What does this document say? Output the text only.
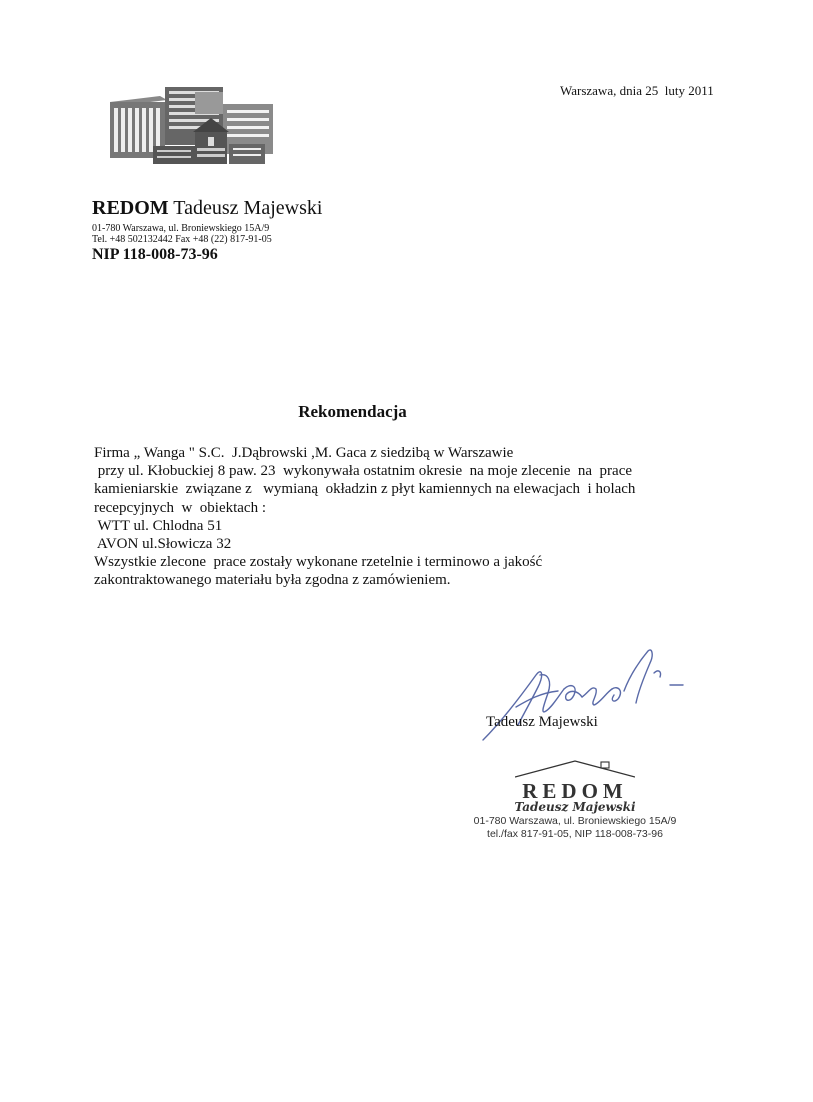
Warszawa, dnia 25  luty 2011
REDOM Tadeusz Majewski
01-780 Warszawa, ul. Broniewskiego 15A/9
Tel. +48 502132442 Fax +48 (22) 817-91-05
NIP 118-008-73-96
Rekomendacja
Firma „ Wanga " S.C.  J.Dąbrowski ,M. Gaca z siedzibą w Warszawie
przy ul. Kłobuckiej 8 paw. 23  wykonywała ostatnim okresie  na moje zlecenie  na  prace
kamieniarskie  związane z   wymianą  okładzin z płyt kamiennych na elewacjach  i holach
recepcyjnych  w  obiektach :
WTT ul. Chlodna 51
AVON ul.Słowicza 32
Wszystkie zlecone  prace zostały wykonane rzetelnie i terminowo a jakość
zakontraktowanego materiału była zgodna z zamówieniem.
Tadeusz Majewski
REDOM
Tadeusz Majewski
01-780 Warszawa, ul. Broniewskiego 15A/9
tel./fax 817-91-05, NIP 118-008-73-96
